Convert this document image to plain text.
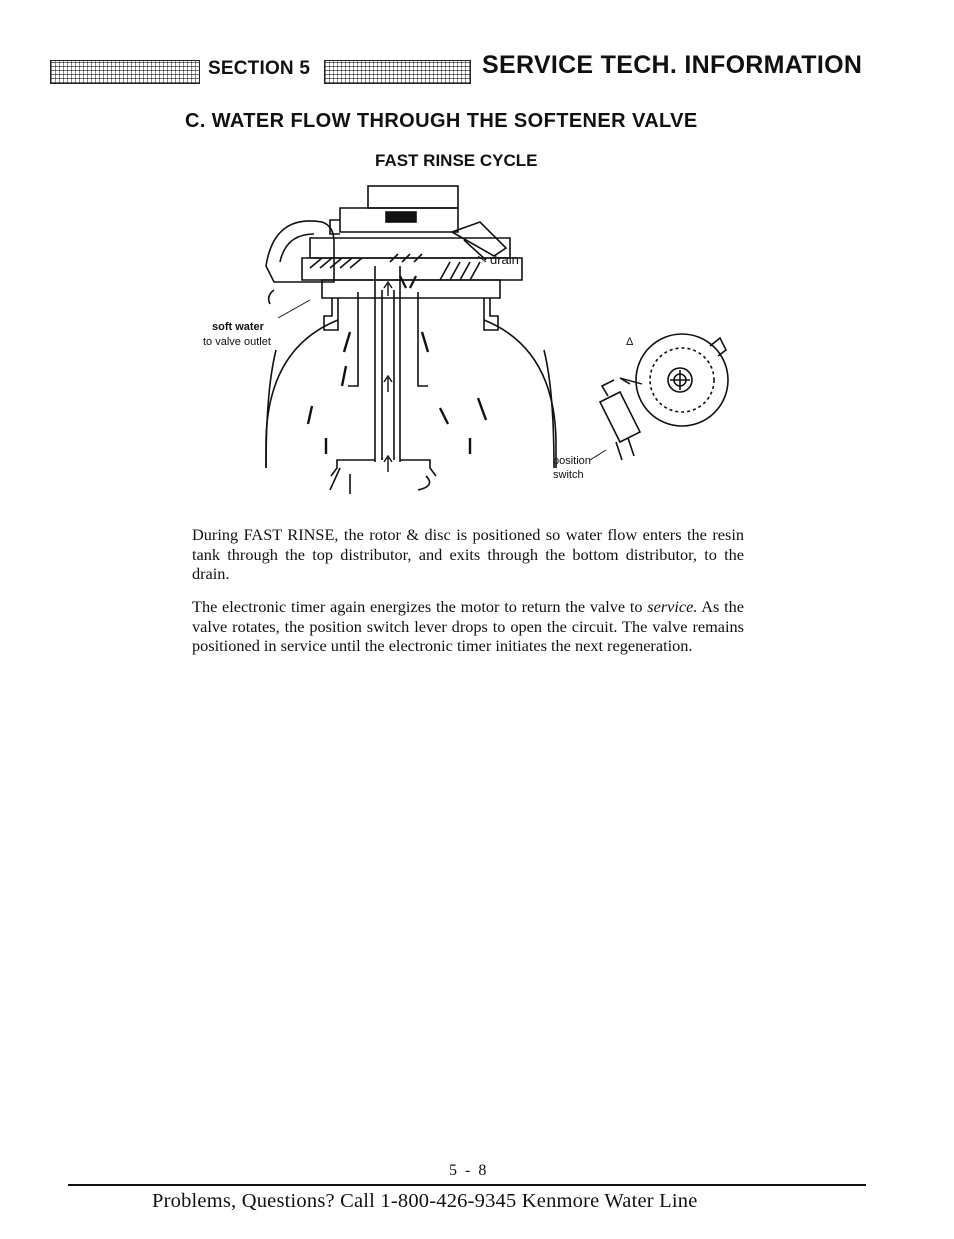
SECTION 5	SERVICE TECH. INFORMATION
C. WATER FLOW THROUGH THE SOFTENER VALVE
FAST RINSE CYCLE
drain
soft water
to valve outlet	Δ
position
switch
During FAST RINSE, the rotor & disc is positioned so water flow enters the resin tank through the top distributor, and exits through the bottom distributor, to the drain.
The electronic timer again energizes the motor to return the valve to service. As the valve rotates, the position switch lever drops to open the circuit. The valve remains positioned in service until the electronic timer initiates the next regeneration.
5 - 8
Problems, Questions? Call 1-800-426-9345 Kenmore Water Line
